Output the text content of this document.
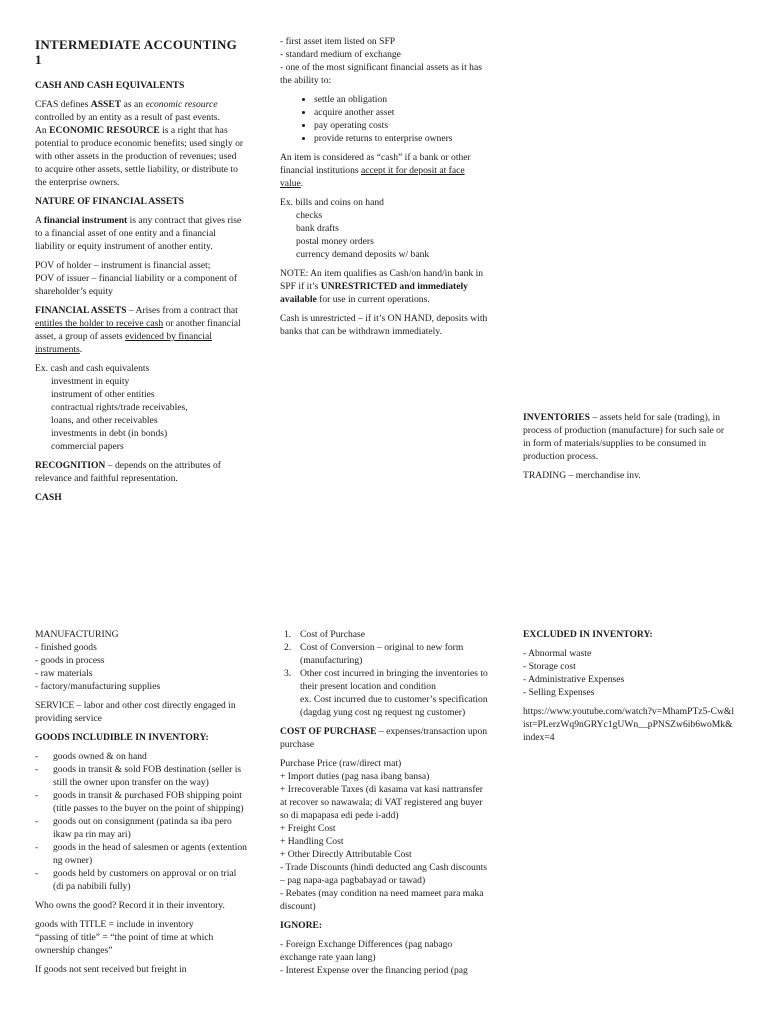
INTERMEDIATE ACCOUNTING 1

CASH AND CASH EQUIVALENTS

CFAS defines ASSET as an economic resource controlled by an entity as a result of past events.
An ECONOMIC RESOURCE is a right that has potential to produce economic benefits; used singly or with other assets in the production of revenues; used to acquire other assets, settle liability, or distribute to the enterprise owners.

NATURE OF FINANCIAL ASSETS

A financial instrument is any contract that gives rise to a financial asset of one entity and a financial liability or equity instrument of another entity.

POV of holder – instrument is financial asset;
POV of issuer – financial liability or a component of shareholder’s equity

FINANCIAL ASSETS – Arises from a contract that entitles the holder to receive cash or another financial asset, a group of assets evidenced by financial instruments.

Ex. cash and cash equivalents
investment in equity
instrument of other entities
contractual rights/trade receivables,
loans, and other receivables
investments in debt (in bonds)
commercial papers

RECOGNITION – depends on the attributes of relevance and faithful representation.

CASH

- first asset item listed on SFP

- standard medium of exchange

- one of the most significant financial assets as it has the ability to:

• settle an obligation
• acquire another asset
• pay operating costs
• provide returns to enterprise owners

An item is considered as “cash” if a bank or other financial institutions accept it for deposit at face value.

Ex. bills and coins on hand
checks
bank drafts
postal money orders
currency demand deposits w/ bank

NOTE: An item qualifies as Cash/on hand/in bank in SPF if it’s UNRESTRICTED and immediately available for use in current operations.

Cash is unrestricted – if it’s ON HAND, deposits with banks that can be withdrawn immediately.

INVENTORIES – assets held for sale (trading), in process of production (manufacture) for such sale or in form of materials/supplies to be consumed in production process.

TRADING – merchandise inv.

MANUFACTURING

- finished goods

- goods in process

- raw materials

- factory/manufacturing supplies

SERVICE – labor and other cost directly engaged in providing service

GOODS INCLUDIBLE IN INVENTORY:

- goods owned & on hand
- goods in transit & sold FOB destination (seller is still the owner upon transfer on the way)
- goods in transit & purchased FOB shipping point (title passes to the buyer on the point of shipping)
- goods out on consignment (patinda sa iba pero ikaw pa rin may ari)
- goods in the head of salesmen or agents (extention ng owner)
- goods held by customers on approval or on trial (di pa nabibili fully)

Who owns the good? Record it in their inventory.

goods with TITLE = include in inventory
“passing of title” = “the point of time at which ownership changes”

If goods not sent received but freight in

1. Cost of Purchase
2. Cost of Conversion – original to new form (manufacturing)
3. Other cost incurred in bringing the inventories to their present location and condition
ex. Cost incurred due to customer’s specification (dagdag yung cost ng request ng customer)

COST OF PURCHASE – expenses/transaction upon purchase

Purchase Price (raw/direct mat)
+ Import duties (pag nasa ibang bansa)
+ Irrecoverable Taxes (di kasama vat kasi nattransfer at recover so nawawala; di VAT registered ang buyer so di mapapasa edi pede i-add)
+ Freight Cost
+ Handling Cost
+ Other Directly Attributable Cost
- Trade Discounts (hindi deducted ang Cash discounts – pag napa-aga pagbabayad or tawad)
- Rebates (may condition na need mameet para maka discount)

IGNORE:

- Foreign Exchange Differences (pag nabago exchange rate yaan lang)
- Interest Expense over the financing period (pag

EXCLUDED IN INVENTORY:

- Abnormal waste
- Storage cost
- Administrative Expenses
- Selling Expenses

https://www.youtube.com/watch?v=MhamPTz5-Cw&list=PLerzWq9nGRYc1gUWn__pPNSZw6ib6woMk&index=4
